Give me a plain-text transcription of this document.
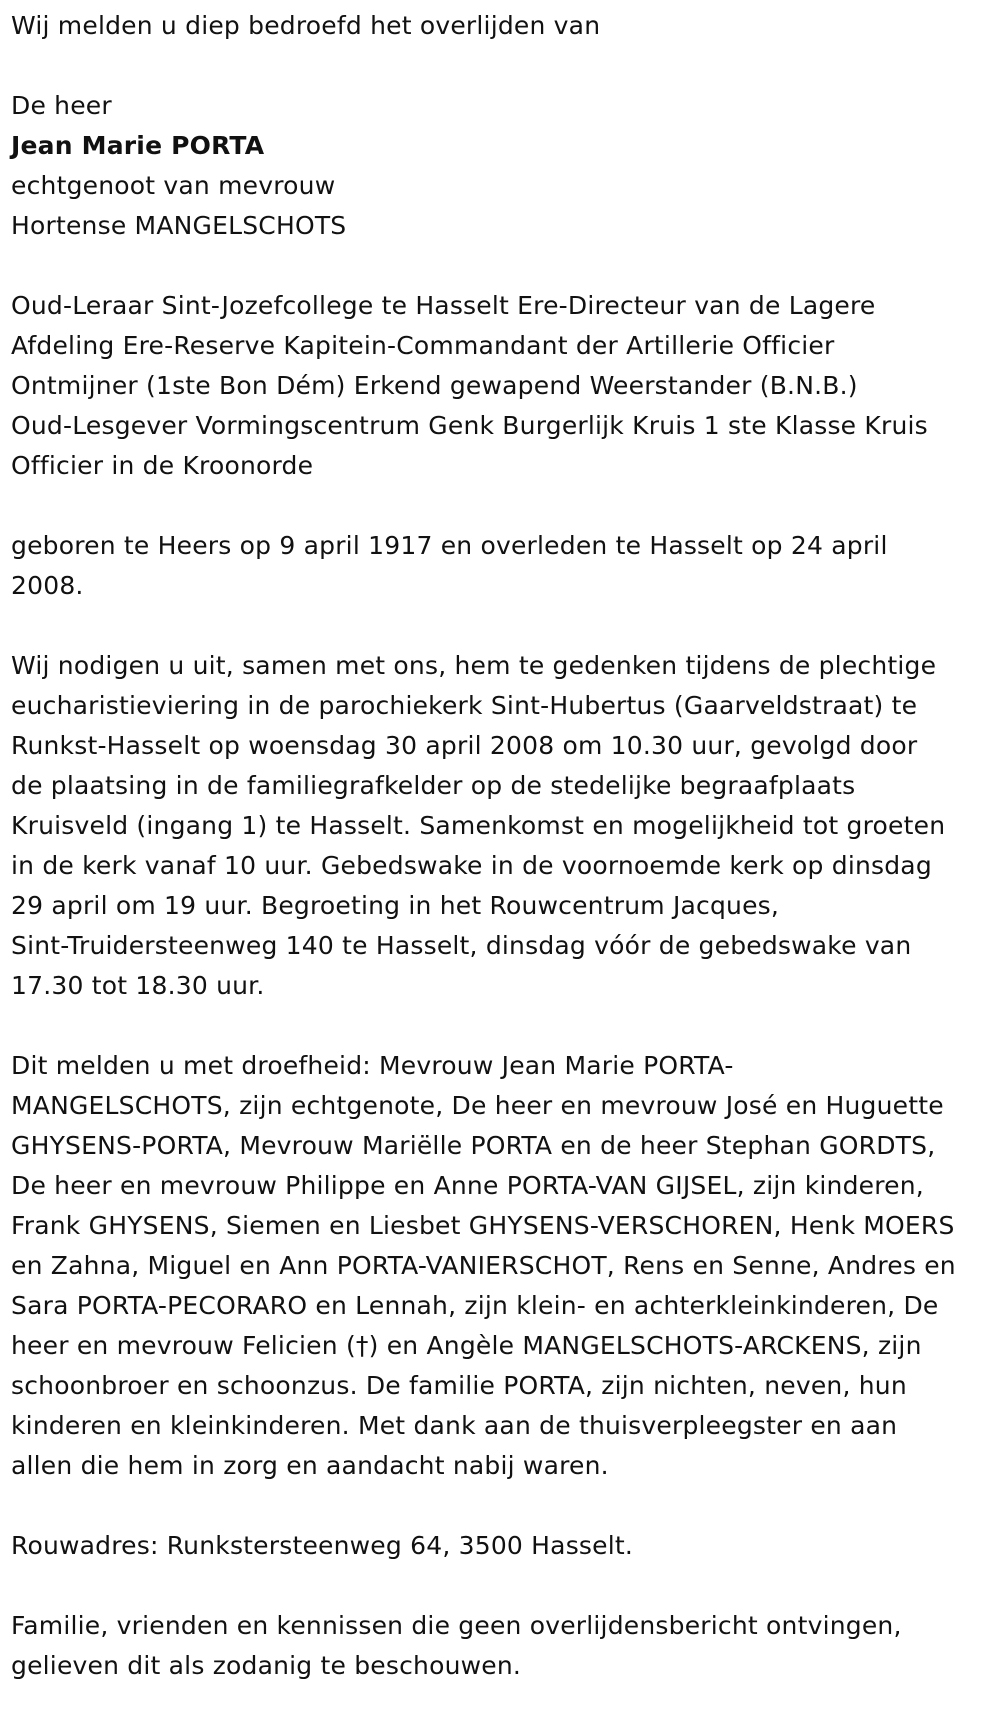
Wij melden u diep bedroefd het overlijden van

De heer

Jean Marie PORTA

echtgenoot van mevrouw

Hortense MANGELSCHOTS

Oud-Leraar Sint-Jozefcollege te Hasselt Ere-Directeur van de Lagere

Afdeling Ere-Reserve Kapitein-Commandant der Artillerie Officier

Ontmijner (1ste Bon Dém) Erkend gewapend Weerstander (B.N.B.)

Oud-Lesgever Vormingscentrum Genk Burgerlijk Kruis 1 ste Klasse Kruis

Officier in de Kroonorde

geboren te Heers op 9 april 1917 en overleden te Hasselt op 24 april

2008.

Wij nodigen u uit, samen met ons, hem te gedenken tijdens de plechtige

eucharistieviering in de parochiekerk Sint-Hubertus (Gaarveldstraat) te

Runkst-Hasselt op woensdag 30 april 2008 om 10.30 uur, gevolgd door

de plaatsing in de familiegrafkelder op de stedelijke begraafplaats

Kruisveld (ingang 1) te Hasselt. Samenkomst en mogelijkheid tot groeten

in de kerk vanaf 10 uur. Gebedswake in de voornoemde kerk op dinsdag

29 april om 19 uur. Begroeting in het Rouwcentrum Jacques,

Sint-Truidersteenweg 140 te Hasselt, dinsdag vóór de gebedswake van

17.30 tot 18.30 uur.

Dit melden u met droefheid: Mevrouw Jean Marie PORTA-

MANGELSCHOTS, zijn echtgenote, De heer en mevrouw José en Huguette

GHYSENS-PORTA, Mevrouw Mariëlle PORTA en de heer Stephan GORDTS,

De heer en mevrouw Philippe en Anne PORTA-VAN GIJSEL, zijn kinderen,

Frank GHYSENS, Siemen en Liesbet GHYSENS-VERSCHOREN, Henk MOERS

en Zahna, Miguel en Ann PORTA-VANIERSCHOT, Rens en Senne, Andres en

Sara PORTA-PECORARO en Lennah, zijn klein- en achterkleinkinderen, De

heer en mevrouw Felicien (†) en Angèle MANGELSCHOTS-ARCKENS, zijn

schoonbroer en schoonzus. De familie PORTA, zijn nichten, neven, hun

kinderen en kleinkinderen. Met dank aan de thuisverpleegster en aan

allen die hem in zorg en aandacht nabij waren.

Rouwadres: Runkstersteenweg 64, 3500 Hasselt.

Familie, vrienden en kennissen die geen overlijdensbericht ontvingen,

gelieven dit als zodanig te beschouwen.
